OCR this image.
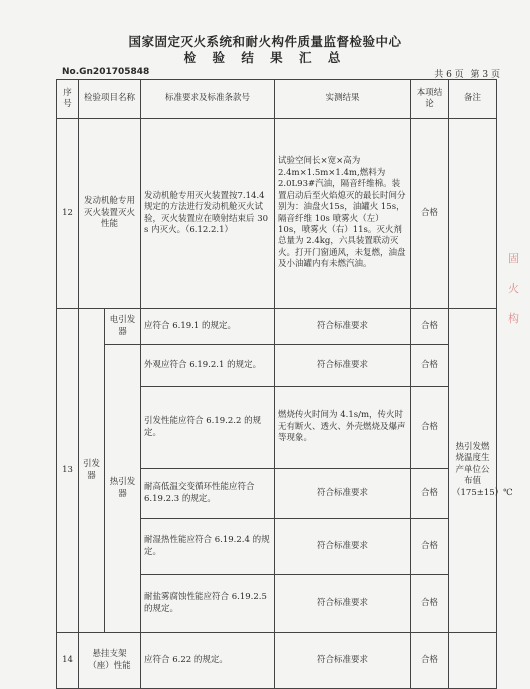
国家固定灭火系统和耐火构件质量监督检验中心
检 验 结 果 汇 总
No.Gn201705848	共 6 页 第 3 页
序号	检验项目名称		标准要求及标准条款号	实测结果	本项结论	备注
12	发动机舱专用灭火装置灭火性能		发动机舱专用灭火装置按7.14.4 规定的方法进行发动机舱灭火试验，灭火装置应在喷射结束后 30 s 内灭火。（6.12.2.1）	试验空间长×宽×高为2.4m×1.5m×1.4m,燃料为2.0L93#汽油，隔音纤维棉。装置启动后至火焰熄灭的最长时间分别为：油盘火15s，油罐火 15s，隔音纤维 10s 喷雾火（左）10s，喷雾火（右）11s。灭火剂总量为 2.4kg，六具装置联动灭火。打开门窗通风，未复燃，油盘及小油罐内有未燃汽油。	合格	
13	引发器	电引发器	应符合 6.19.1 的规定。	符合标准要求	合格	热引发燃烧温度生产单位公布值（175±15）℃
		热引发器	外观应符合 6.19.2.1 的规定。	符合标准要求	合格	
			引发性能应符合 6.19.2.2 的规定。	燃烧传火时间为 4.1s/m，传火时无有断火、透火、外壳燃烧及爆声等现象。	合格	
			耐高低温交变循环性能应符合 6.19.2.3 的规定。	符合标准要求	合格	
			耐湿热性能应符合 6.19.2.4 的规定。	符合标准要求	合格	
			耐盐雾腐蚀性能应符合 6.19.2.5 的规定。	符合标准要求	合格	
14	悬挂支架（座）性能		应符合 6.22 的规定。	符合标准要求	合格	
固
火
构
